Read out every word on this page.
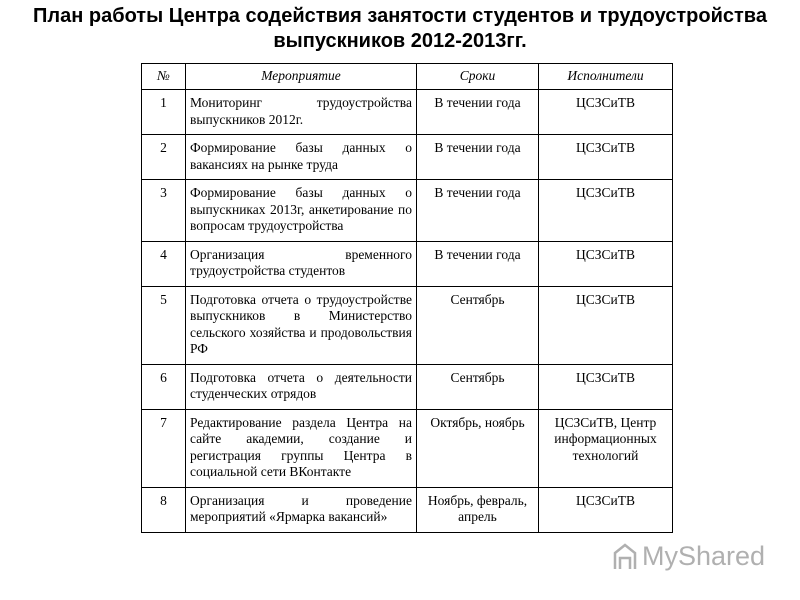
План работы Центра содействия занятости студентов и трудоустройства
выпускников 2012-2013гг.
№	Мероприятие	Сроки	Исполнители
1	Мониторинг трудоустройства выпускников 2012г.	В течении года	ЦСЗСиТВ
2	Формирование базы данных о вакансиях на рынке труда	В течении года	ЦСЗСиТВ
3	Формирование базы данных о выпускниках 2013г, анкетирование по вопросам трудоустройства	В течении года	ЦСЗСиТВ
4	Организация временного трудоустройства студентов	В течении года	ЦСЗСиТВ
5	Подготовка отчета о трудоустройстве выпускников в Министерство сельского хозяйства и продовольствия РФ	Сентябрь	ЦСЗСиТВ
6	Подготовка отчета о деятельности студенческих отрядов	Сентябрь	ЦСЗСиТВ
7	Редактирование раздела Центра на сайте академии, создание и регистрация группы Центра в социальной сети ВКонтакте	Октябрь, ноябрь	ЦСЗСиТВ, Центр информационных технологий
8	Организация и проведение мероприятий «Ярмарка вакансий»	Ноябрь, февраль, апрель	ЦСЗСиТВ
MyShared
